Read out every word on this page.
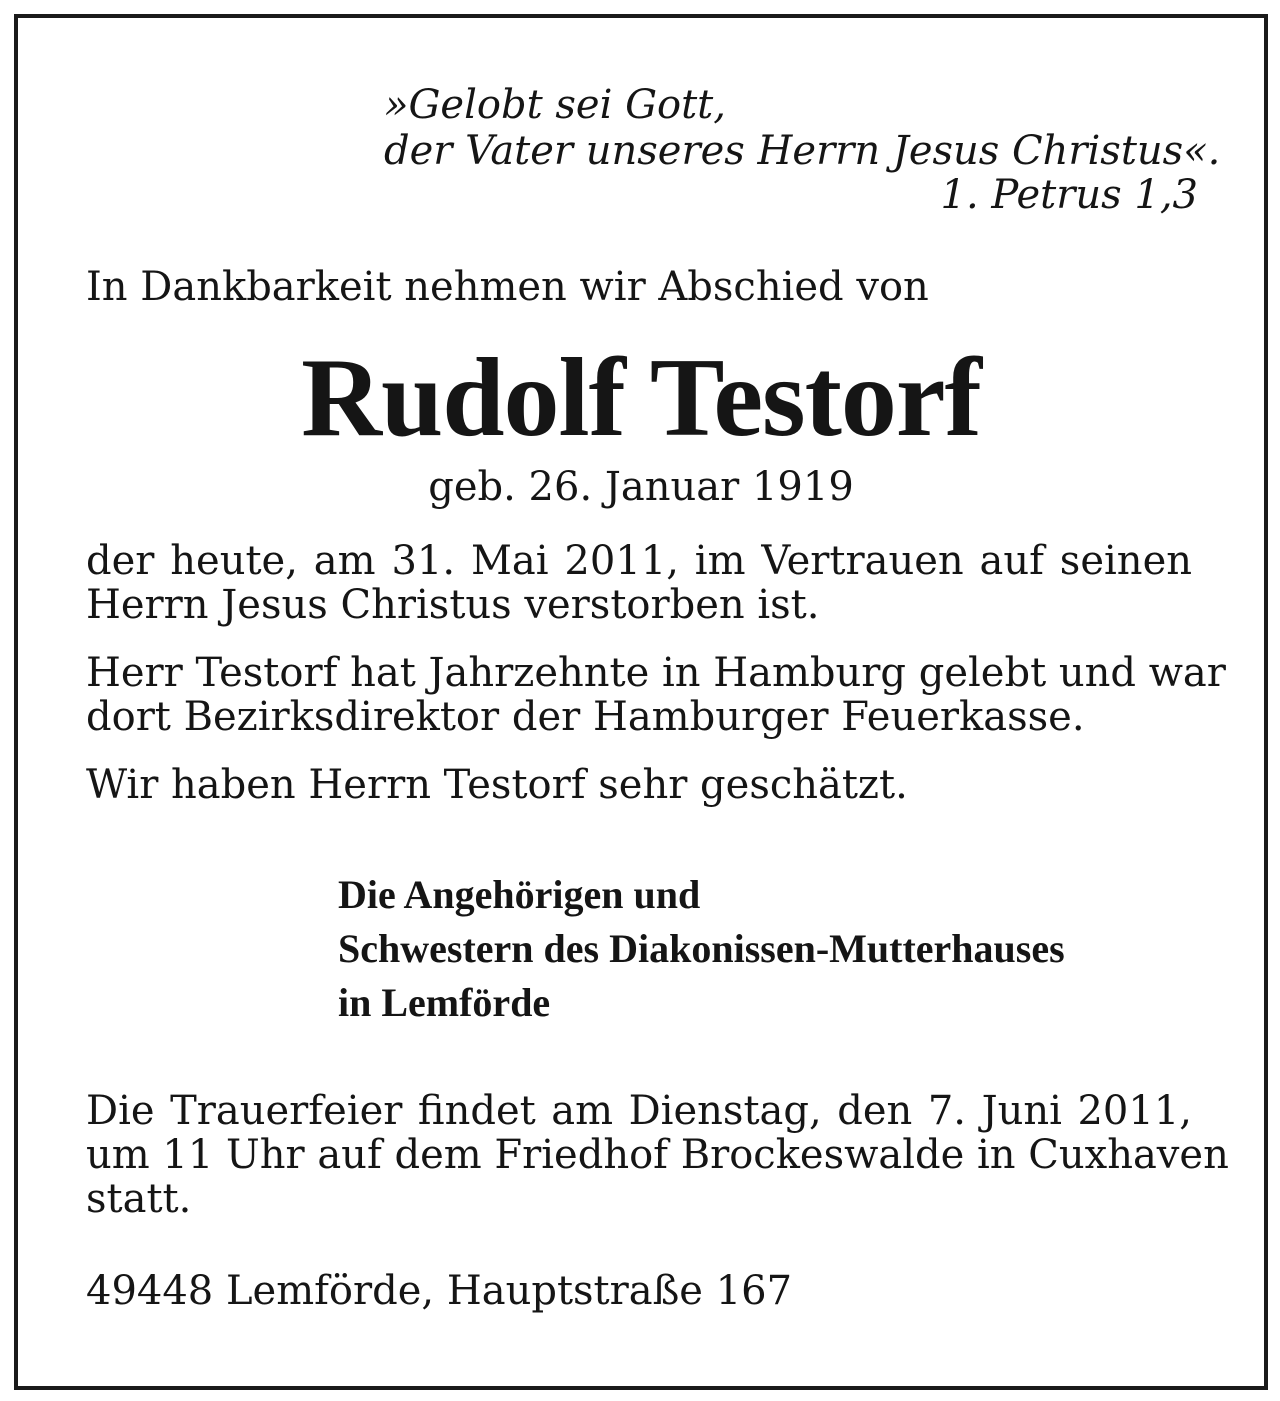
»Gelobt sei Gott,
der Vater unseres Herrn Jesus Christus«.
1. Petrus 1,3
In Dankbarkeit nehmen wir Abschied von
Rudolf Testorf
geb. 26. Januar 1919
der heute, am 31. Mai 2011, im Vertrauen auf seinen
Herrn Jesus Christus verstorben ist.
Herr Testorf hat Jahrzehnte in Hamburg gelebt und war
dort Bezirksdirektor der Hamburger Feuerkasse.
Wir haben Herrn Testorf sehr geschätzt.
Die Angehörigen und
Schwestern des Diakonissen-Mutterhauses
in Lemförde
Die Trauerfeier findet am Dienstag, den 7. Juni 2011,
um 11 Uhr auf dem Friedhof Brockeswalde in Cuxhaven
statt.
49448 Lemförde, Hauptstraße 167
